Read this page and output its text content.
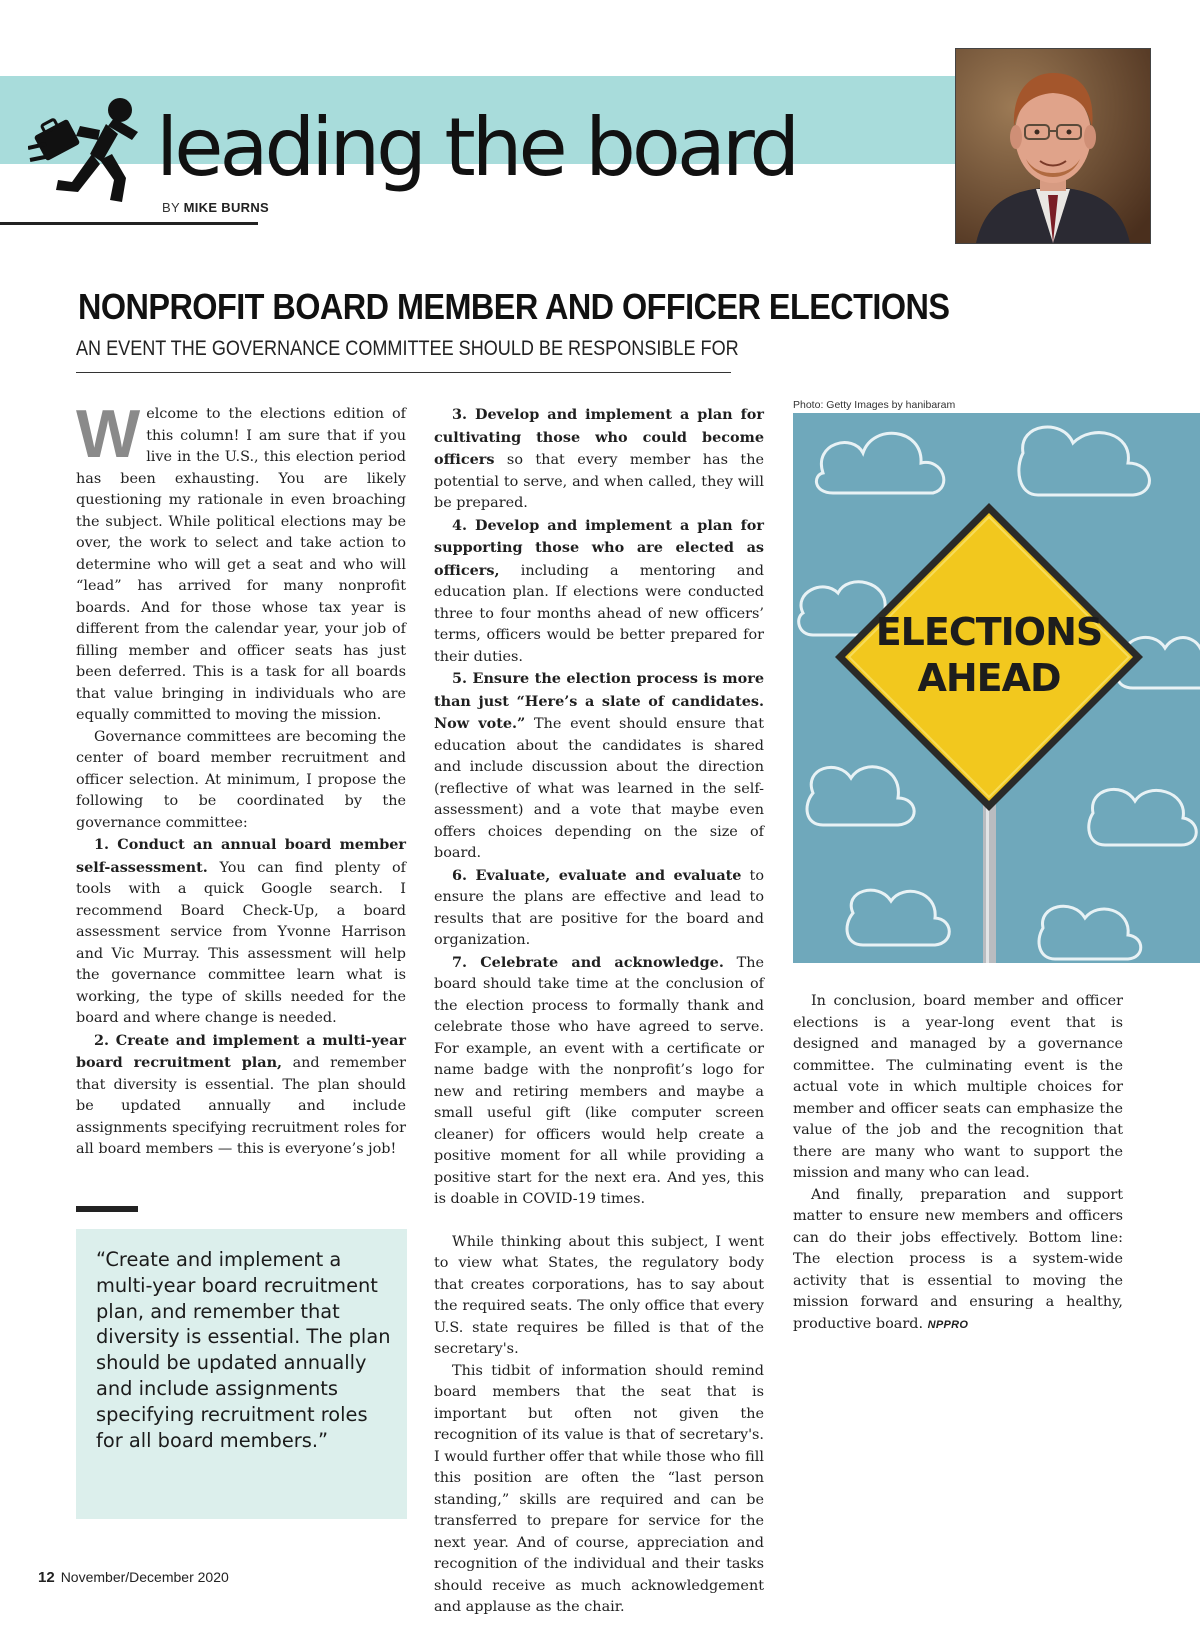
leading the board
BY MIKE BURNS
NONPROFIT BOARD MEMBER AND OFFICER ELECTIONS
AN EVENT THE GOVERNANCE COMMITTEE SHOULD BE RESPONSIBLE FOR

Welcome to the elections edition of this column! I am sure that if you live in the U.S., this election period has been exhausting. You are likely questioning my rationale in even broaching the subject. While political elections may be over, the work to select and take action to determine who will get a seat and who will “lead” has arrived for many nonprofit boards. And for those whose tax year is different from the calendar year, your job of filling member and officer seats has just been deferred. This is a task for all boards that value bringing in individuals who are equally committed to moving the mission.

Governance committees are becoming the center of board member recruitment and officer selection. At minimum, I propose the following to be coordinated by the governance committee:

1. Conduct an annual board member self-assessment. You can find plenty of tools with a quick Google search. I recommend Board Check-Up, a board assessment service from Yvonne Harrison and Vic Murray. This assessment will help the governance committee learn what is working, the type of skills needed for the board and where change is needed.

2. Create and implement a multi-year board recruitment plan, and remember that diversity is essential. The plan should be updated annually and include assignments specifying recruitment roles for all board members — this is everyone’s job!

3. Develop and implement a plan for cultivating those who could become officers so that every member has the potential to serve, and when called, they will be prepared.

4. Develop and implement a plan for supporting those who are elected as officers, including a mentoring and education plan. If elections were conducted three to four months ahead of new officers’ terms, officers would be better prepared for their duties.

5. Ensure the election process is more than just “Here’s a slate of candidates. Now vote.” The event should ensure that education about the candidates is shared and include discussion about the direction (reflective of what was learned in the self-assessment) and a vote that maybe even offers choices depending on the size of board.

6. Evaluate, evaluate and evaluate to ensure the plans are effective and lead to results that are positive for the board and organization.

7. Celebrate and acknowledge. The board should take time at the conclusion of the election process to formally thank and celebrate those who have agreed to serve. For example, an event with a certificate or name badge with the nonprofit’s logo for new and retiring members and maybe a small useful gift (like computer screen cleaner) for officers would help create a positive moment for all while providing a positive start for the next era. And yes, this is doable in COVID-19 times.

While thinking about this subject, I went to view what States, the regulatory body that creates corporations, has to say about the required seats. The only office that every U.S. state requires be filled is that of the secretary's.

This tidbit of information should remind board members that the seat that is important but often not given the recognition of its value is that of secretary's. I would further offer that while those who fill this position are often the “last person standing,” skills are required and can be transferred to prepare for service for the next year. And of course, appreciation and recognition of the individual and their tasks should receive as much acknowledgement and applause as the chair.

In conclusion, board member and officer elections is a year-long event that is designed and managed by a governance committee. The culminating event is the actual vote in which multiple choices for member and officer seats can emphasize the value of the job and the recognition that there are many who want to support the mission and many who can lead.

And finally, preparation and support matter to ensure new members and officers can do their jobs effectively. Bottom line: The election process is a system-wide activity that is essential to moving the mission forward and ensuring a healthy, productive board. NPPRO

“Create and implement a multi-year board recruitment plan, and remember that diversity is essential. The plan should be updated annually and include assignments specifying recruitment roles for all board members.”
Photo: Getty Images by hanibaram
ELECTIONS
AHEAD
12 November/December 2020
